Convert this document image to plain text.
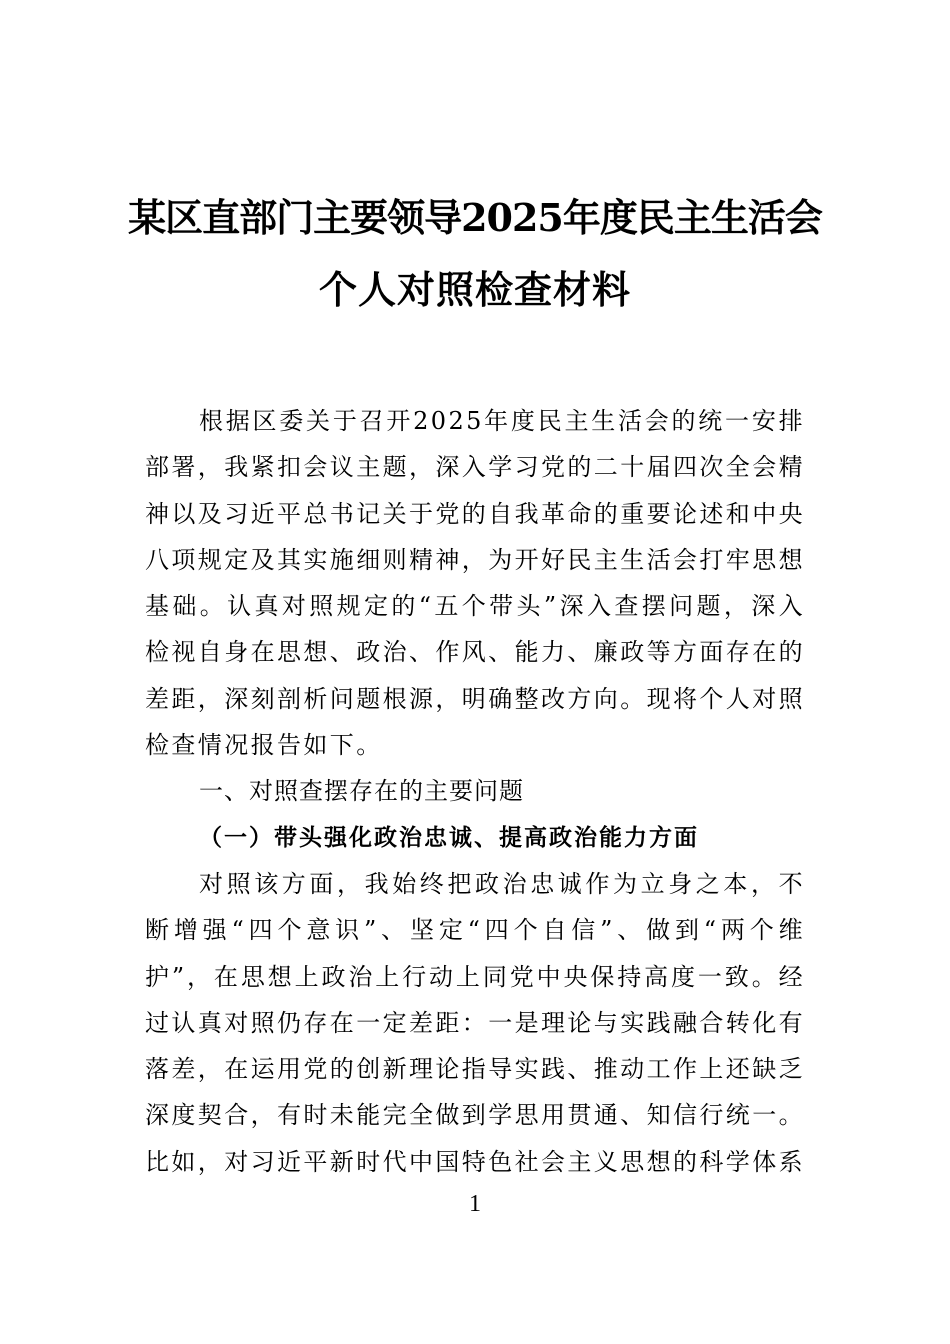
某区直部门主要领导2025年度民主生活会
个人对照检查材料

根据区委关于召开2025年度民主生活会的统一安排部署，我紧扣会议主题，深入学习党的二十届四次全会精神以及习近平总书记关于党的自我革命的重要论述和中央八项规定及其实施细则精神，为开好民主生活会打牢思想基础。认真对照规定的“五个带头”深入查摆问题，深入检视自身在思想、政治、作风、能力、廉政等方面存在的差距，深刻剖析问题根源，明确整改方向。现将个人对照检查情况报告如下。

一、对照查摆存在的主要问题

（一）带头强化政治忠诚、提高政治能力方面

对照该方面，我始终把政治忠诚作为立身之本，不断增强“四个意识”、坚定“四个自信”、做到“两个维护”，在思想上政治上行动上同党中央保持高度一致。经过认真对照仍存在一定差距：一是理论与实践融合转化有落差，在运用党的创新理论指导实践、推动工作上还缺乏深度契合，有时未能完全做到学思用贯通、知信行统一。比如，对习近平新时代中国特色社会主义思想的科学体系

1
